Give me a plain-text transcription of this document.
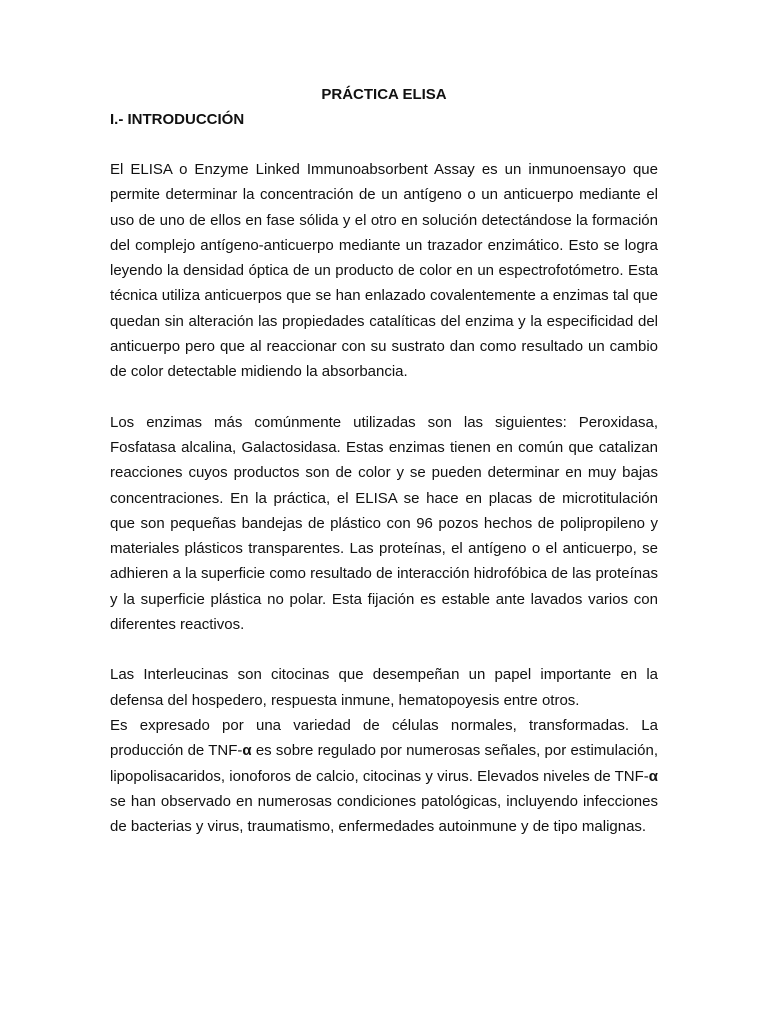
PRÁCTICA ELISA
I.- INTRODUCCIÓN

El ELISA o Enzyme Linked Immunoabsorbent Assay es un inmunoensayo que permite determinar la concentración de un antígeno o un anticuerpo mediante el uso de uno de ellos en fase sólida y el otro en solución detectándose la formación del complejo antígeno-anticuerpo mediante un trazador enzimático. Esto se logra leyendo la densidad óptica de un producto de color en un espectrofotómetro. Esta técnica utiliza anticuerpos que se han enlazado covalentemente a enzimas tal que quedan sin alteración las propiedades catalíticas del enzima y la especificidad del anticuerpo pero que al reaccionar con su sustrato dan como resultado un cambio de color detectable midiendo la absorbancia.

Los enzimas más comúnmente utilizadas son las siguientes: Peroxidasa, Fosfatasa alcalina, Galactosidasa. Estas enzimas tienen en común que catalizan reacciones cuyos productos son de color y se pueden determinar en muy bajas concentraciones. En la práctica, el ELISA se hace en placas de microtitulación que son pequeñas bandejas de plástico con 96 pozos hechos de polipropileno y materiales plásticos transparentes. Las proteínas, el antígeno o el anticuerpo, se adhieren a la superficie como resultado de interacción hidrofóbica de las proteínas y la superficie plástica no polar. Esta fijación es estable ante lavados varios con diferentes reactivos.

Las Interleucinas son citocinas que desempeñan un papel importante en la defensa del hospedero, respuesta inmune, hematopoyesis entre otros.

Es expresado por una variedad de células normales, transformadas. La producción de TNF-α es sobre regulado por numerosas señales, por estimulación, lipopolisacaridos, ionoforos de calcio, citocinas y virus. Elevados niveles de TNF-α se han observado en numerosas condiciones patológicas, incluyendo infecciones de bacterias y virus, traumatismo, enfermedades autoinmune y de tipo malignas.
